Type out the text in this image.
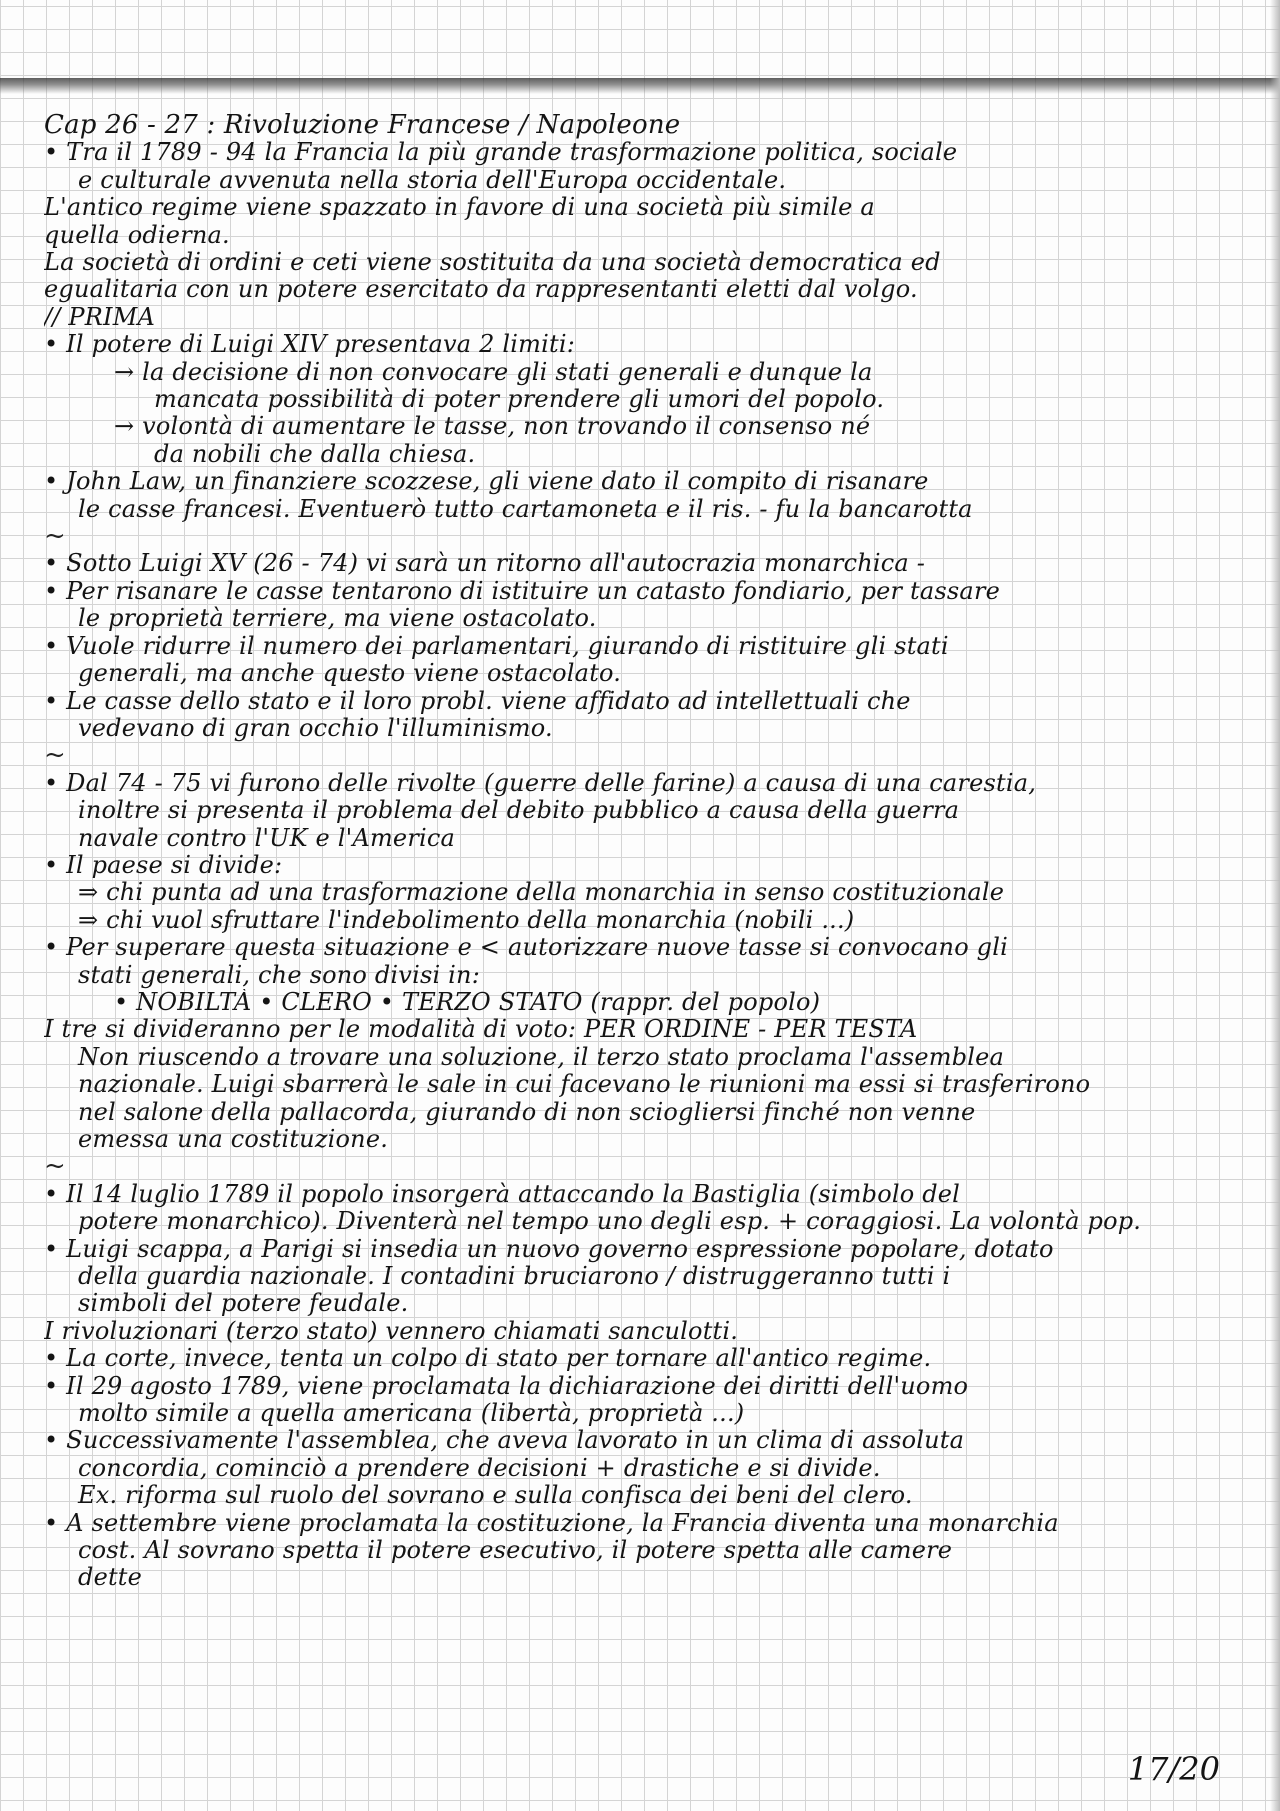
Cap 26 - 27 : Rivoluzione Francese / Napoleone
• Tra il 1789 - 94 la Francia la più grande trasformazione politica, sociale
e culturale avvenuta nella storia dell'Europa occidentale.
L'antico regime viene spazzato in favore di una società più simile a
quella odierna.
La società di ordini e ceti viene sostituita da una società democratica ed
egualitaria con un potere esercitato da rappresentanti eletti dal volgo.
// PRIMA
• Il potere di Luigi XIV presentava 2 limiti:
→ la decisione di non convocare gli stati generali e dunque la
mancata possibilità di poter prendere gli umori del popolo.
→ volontà di aumentare le tasse, non trovando il consenso né
da nobili che dalla chiesa.
• John Law, un finanziere scozzese, gli viene dato il compito di risanare
le casse francesi. Eventuerò tutto cartamoneta e il ris. - fu la bancarotta
~
• Sotto Luigi XV (26 - 74) vi sarà un ritorno all'autocrazia monarchica -
• Per risanare le casse tentarono di istituire un catasto fondiario, per tassare
le proprietà terriere, ma viene ostacolato.
• Vuole ridurre il numero dei parlamentari, giurando di ristituire gli stati
generali, ma anche questo viene ostacolato.
• Le casse dello stato e il loro probl. viene affidato ad intellettuali che
vedevano di gran occhio l'illuminismo.
~
• Dal 74 - 75 vi furono delle rivolte (guerre delle farine) a causa di una carestia,
inoltre si presenta il problema del debito pubblico a causa della guerra
navale contro l'UK e l'America
• Il paese si divide:
⇒ chi punta ad una trasformazione della monarchia in senso costituzionale
⇒ chi vuol sfruttare l'indebolimento della monarchia (nobili ...)
• Per superare questa situazione e < autorizzare nuove tasse si convocano gli
stati generali, che sono divisi in:
• NOBILTÀ • CLERO • TERZO STATO (rappr. del popolo)
I tre si divideranno per le modalità di voto: PER ORDINE - PER TESTA
Non riuscendo a trovare una soluzione, il terzo stato proclama l'assemblea
nazionale. Luigi sbarrerà le sale in cui facevano le riunioni ma essi si trasferirono
nel salone della pallacorda, giurando di non sciogliersi finché non venne
emessa una costituzione.
~
• Il 14 luglio 1789 il popolo insorgerà attaccando la Bastiglia (simbolo del
potere monarchico). Diventerà nel tempo uno degli esp. + coraggiosi. La volontà pop.
• Luigi scappa, a Parigi si insedia un nuovo governo espressione popolare, dotato
della guardia nazionale. I contadini bruciarono / distruggeranno tutti i
simboli del potere feudale.
I rivoluzionari (terzo stato) vennero chiamati sanculotti.
• La corte, invece, tenta un colpo di stato per tornare all'antico regime.
• Il 29 agosto 1789, viene proclamata la dichiarazione dei diritti dell'uomo
molto simile a quella americana (libertà, proprietà ...)
• Successivamente l'assemblea, che aveva lavorato in un clima di assoluta
concordia, cominciò a prendere decisioni + drastiche e si divide.
Ex. riforma sul ruolo del sovrano e sulla confisca dei beni del clero.
• A settembre viene proclamata la costituzione, la Francia diventa una monarchia
cost. Al sovrano spetta il potere esecutivo, il potere spetta alle camere
dette
17/20
